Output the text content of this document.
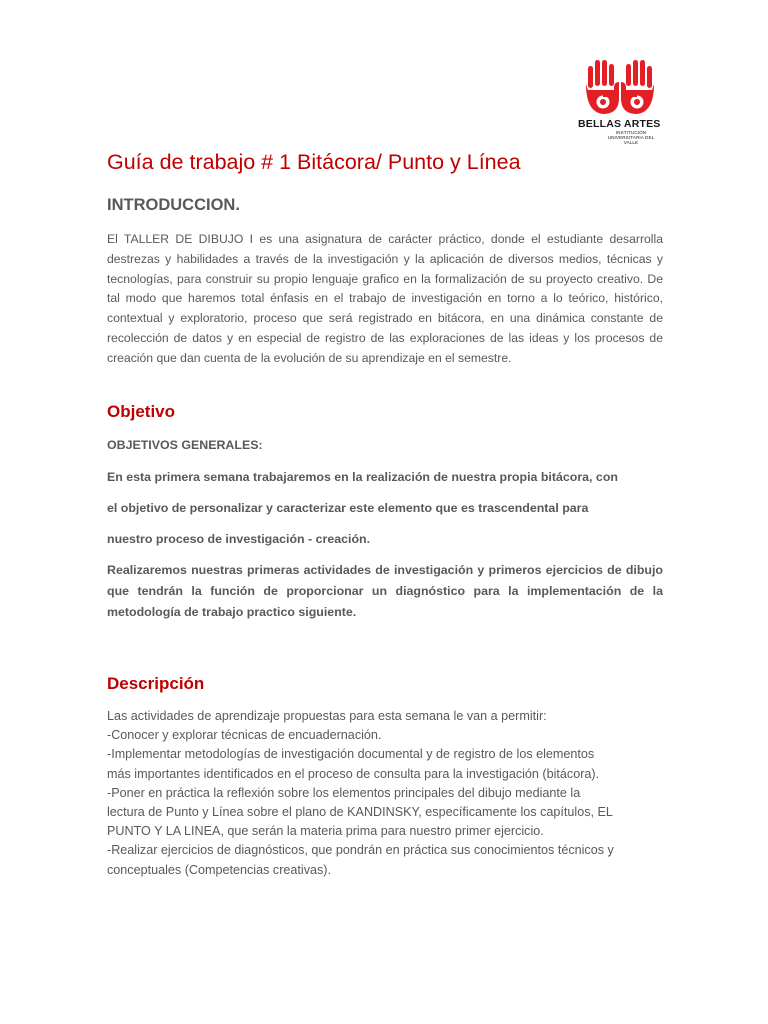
BELLAS ARTES
INSTITUCIÓN UNIVERSITARIA DEL VALLE
Guía de trabajo # 1 Bitácora/ Punto y Línea
INTRODUCCION.

El TALLER DE DIBUJO I es una asignatura de carácter práctico, donde el estudiante desarrolla destrezas y habilidades a través de la investigación y la aplicación de diversos medios, técnicas y tecnologías, para construir su propio lenguaje grafico en la formalización de su proyecto creativo. De tal modo que haremos total énfasis en el trabajo de investigación en torno a lo teórico, histórico, contextual y exploratorio, proceso que será registrado en bitácora, en una dinámica constante de recolección de datos y en especial de registro de las exploraciones de las ideas y los procesos de creación que dan cuenta de la evolución de su aprendizaje en el semestre.

Objetivo

OBJETIVOS GENERALES:

En esta primera semana trabajaremos en la realización de nuestra propia bitácora, con

el objetivo de personalizar y caracterizar este elemento que es trascendental para

nuestro proceso de investigación - creación.

Realizaremos nuestras primeras actividades de investigación y primeros ejercicios de dibujo que tendrán la función de proporcionar un diagnóstico para la implementación de la metodología de trabajo practico siguiente.

Descripción

Las actividades de aprendizaje propuestas para esta semana le van a permitir:
-Conocer y explorar técnicas de encuadernación.
-Implementar metodologías de investigación documental y de registro de los elementos
más importantes identificados en el proceso de consulta para la investigación (bitácora).
-Poner en práctica la reflexión sobre los elementos principales del dibujo mediante la
lectura de Punto y Línea sobre el plano de KANDINSKY, específicamente los capítulos, EL
PUNTO Y LA LINEA, que serán la materia prima para nuestro primer ejercicio.
-Realizar ejercicios de diagnósticos, que pondrán en práctica sus conocimientos técnicos y
conceptuales (Competencias creativas).
